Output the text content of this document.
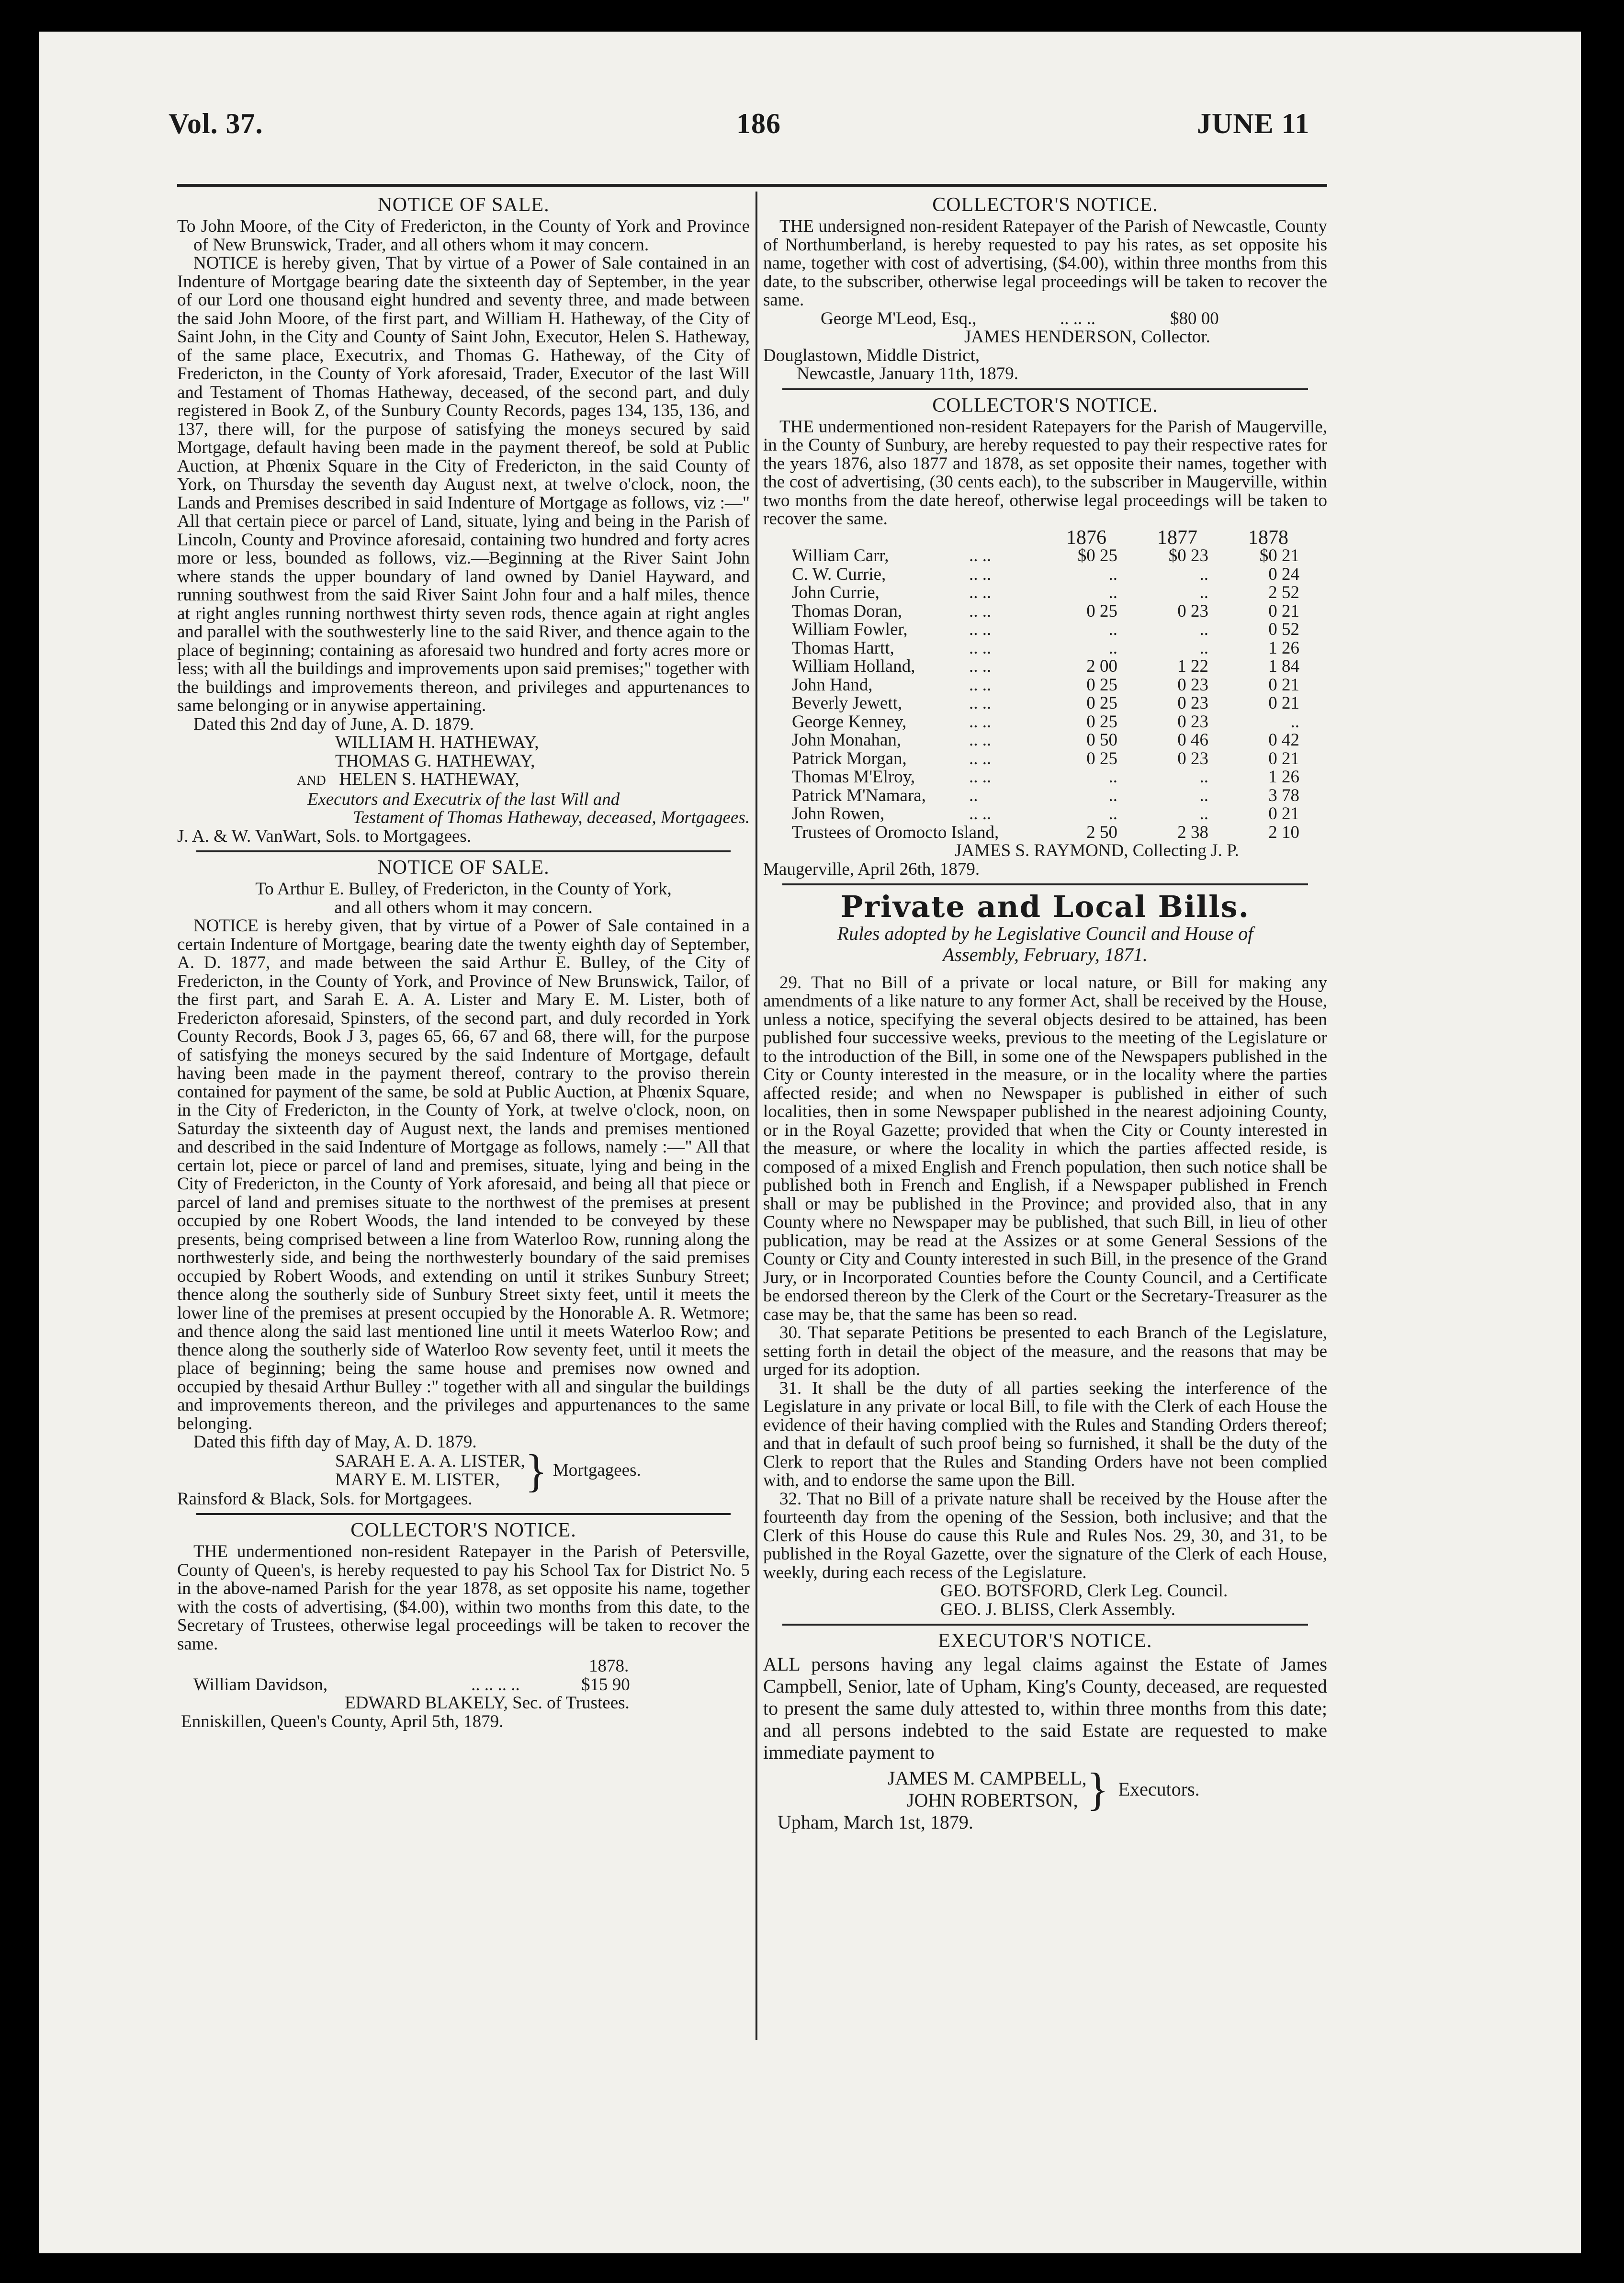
Vol. 37.	186	JUNE 11
NOTICE OF SALE.

To John Moore, of the City of Fredericton, in the County of York and Province of New Brunswick, Trader, and all others whom it may concern.

NOTICE is hereby given, That by virtue of a Power of Sale contained in an Indenture of Mortgage bearing date the sixteenth day of September, in the year of our Lord one thousand eight hundred and seventy three, and made between the said John Moore, of the first part, and William H. Hatheway, of the City of Saint John, in the City and County of Saint John, Executor, Helen S. Hatheway, of the same place, Executrix, and Thomas G. Hatheway, of the City of Fredericton, in the County of York aforesaid, Trader, Executor of the last Will and Testament of Thomas Hatheway, deceased, of the second part, and duly registered in Book Z, of the Sunbury County Records, pages 134, 135, 136, and 137, there will, for the purpose of satisfying the moneys secured by said Mortgage, default having been made in the payment thereof, be sold at Public Auction, at Phœnix Square in the City of Fredericton, in the said County of York, on Thursday the seventh day August next, at twelve o'clock, noon, the Lands and Premises described in said Indenture of Mortgage as follows, viz :—" All that certain piece or parcel of Land, situate, lying and being in the Parish of Lincoln, County and Province aforesaid, containing two hundred and forty acres more or less, bounded as follows, viz.—Beginning at the River Saint John where stands the upper boundary of land owned by Daniel Hayward, and running southwest from the said River Saint John four and a half miles, thence at right angles running northwest thirty seven rods, thence again at right angles and parallel with the southwesterly line to the said River, and thence again to the place of beginning; containing as aforesaid two hundred and forty acres more or less; with all the buildings and improvements upon said premises;" together with the buildings and improvements thereon, and privileges and appurtenances to same belonging or in anywise appertaining.

Dated this 2nd day of June, A. D. 1879.

WILLIAM H. HATHEWAY,
THOMAS G. HATHEWAY,
AND HELEN S. HATHEWAY,
Executors and Executrix of the last Will and
Testament of Thomas Hatheway, deceased, Mortgagees.
J. A. & W. VanWart, Sols. to Mortgagees.
NOTICE OF SALE.
To Arthur E. Bulley, of Fredericton, in the County of York,
and all others whom it may concern.

NOTICE is hereby given, that by virtue of a Power of Sale contained in a certain Indenture of Mortgage, bearing date the twenty eighth day of September, A. D. 1877, and made between the said Arthur E. Bulley, of the City of Fredericton, in the County of York, and Province of New Brunswick, Tailor, of the first part, and Sarah E. A. A. Lister and Mary E. M. Lister, both of Fredericton aforesaid, Spinsters, of the second part, and duly recorded in York County Records, Book J 3, pages 65, 66, 67 and 68, there will, for the purpose of satisfying the moneys secured by the said Indenture of Mortgage, default having been made in the payment thereof, contrary to the proviso therein contained for payment of the same, be sold at Public Auction, at Phœnix Square, in the City of Fredericton, in the County of York, at twelve o'clock, noon, on Saturday the sixteenth day of August next, the lands and premises mentioned and described in the said Indenture of Mortgage as follows, namely :—" All that certain lot, piece or parcel of land and premises, situate, lying and being in the City of Fredericton, in the County of York aforesaid, and being all that piece or parcel of land and premises situate to the northwest of the premises at present occupied by one Robert Woods, the land intended to be conveyed by these presents, being comprised between a line from Waterloo Row, running along the northwesterly side, and being the northwesterly boundary of the said premises occupied by Robert Woods, and extending on until it strikes Sunbury Street; thence along the southerly side of Sunbury Street sixty feet, until it meets the lower line of the premises at present occupied by the Honorable A. R. Wetmore; and thence along the said last mentioned line until it meets Waterloo Row; and thence along the southerly side of Waterloo Row seventy feet, until it meets the place of beginning; being the same house and premises now owned and occupied by thesaid Arthur Bulley :" together with all and singular the buildings and improvements thereon, and the privileges and appurtenances to the same belonging.

Dated this fifth day of May, A. D. 1879.

SARAH E. A. A. LISTER,
MARY E. M. LISTER, } Mortgagees.
Rainsford & Black, Sols. for Mortgagees.
COLLECTOR'S NOTICE.

THE undermentioned non-resident Ratepayer in the Parish of Petersville, County of Queen's, is hereby requested to pay his School Tax for District No. 5 in the above-named Parish for the year 1878, as set opposite his name, together with the costs of advertising, ($4.00), within two months from this date, to the Secretary of Trustees, otherwise legal proceedings will be taken to recover the same.

1878.
William Davidson,	.. .. .. ..	$15 90
EDWARD BLAKELY, Sec. of Trustees.
Enniskillen, Queen's County, April 5th, 1879.
COLLECTOR'S NOTICE.

THE undersigned non-resident Ratepayer of the Parish of Newcastle, County of Northumberland, is hereby requested to pay his rates, as set opposite his name, together with cost of advertising, ($4.00), within three months from this date, to the subscriber, otherwise legal proceedings will be taken to recover the same.

George M'Leod, Esq.,	.. .. ..	$80 00
JAMES HENDERSON, Collector.
Douglastown, Middle District,
Newcastle, January 11th, 1879.
COLLECTOR'S NOTICE.

THE undermentioned non-resident Ratepayers for the Parish of Maugerville, in the County of Sunbury, are hereby requested to pay their respective rates for the years 1876, also 1877 and 1878, as set opposite their names, together with the cost of advertising, (30 cents each), to the subscriber in Maugerville, within two months from the date hereof, otherwise legal proceedings will be taken to recover the same.

		1876	1877	1878
William Carr,	.. ..	$0 25	$0 23	$0 21
C. W. Currie,	.. ..	..	..	0 24
John Currie,	.. ..	..	..	2 52
Thomas Doran,	.. ..	0 25	0 23	0 21
William Fowler,	.. ..	..	..	0 52
Thomas Hartt,	.. ..	..	..	1 26
William Holland,	.. ..	2 00	1 22	1 84
John Hand,	.. ..	0 25	0 23	0 21
Beverly Jewett,	.. ..	0 25	0 23	0 21
George Kenney,	.. ..	0 25	0 23	..
John Monahan,	.. ..	0 50	0 46	0 42
Patrick Morgan,	.. ..	0 25	0 23	0 21
Thomas M'Elroy,	.. ..	..	..	1 26
Patrick M'Namara,	..	..	..	3 78
John Rowen,	.. ..	..	..	0 21
Trustees of Oromocto Island,		2 50	2 38	2 10
JAMES S. RAYMOND, Collecting J. P.
Maugerville, April 26th, 1879.
Private and Local Bills.
Rules adopted by he Legislative Council and House of
Assembly, February, 1871.

29. That no Bill of a private or local nature, or Bill for making any amendments of a like nature to any former Act, shall be received by the House, unless a notice, specifying the several objects desired to be attained, has been published four successive weeks, previous to the meeting of the Legislature or to the introduction of the Bill, in some one of the Newspapers published in the City or County interested in the measure, or in the locality where the parties affected reside; and when no Newspaper is published in either of such localities, then in some Newspaper published in the nearest adjoining County, or in the Royal Gazette; provided that when the City or County interested in the measure, or where the locality in which the parties affected reside, is composed of a mixed English and French population, then such notice shall be published both in French and English, if a Newspaper published in French shall or may be published in the Province; and provided also, that in any County where no Newspaper may be published, that such Bill, in lieu of other publication, may be read at the Assizes or at some General Sessions of the County or City and County interested in such Bill, in the presence of the Grand Jury, or in Incorporated Counties before the County Council, and a Certificate be endorsed thereon by the Clerk of the Court or the Secretary-Treasurer as the case may be, that the same has been so read.

30. That separate Petitions be presented to each Branch of the Legislature, setting forth in detail the object of the measure, and the reasons that may be urged for its adoption.

31. It shall be the duty of all parties seeking the interference of the Legislature in any private or local Bill, to file with the Clerk of each House the evidence of their having complied with the Rules and Standing Orders thereof; and that in default of such proof being so furnished, it shall be the duty of the Clerk to report that the Rules and Standing Orders have not been complied with, and to endorse the same upon the Bill.

32. That no Bill of a private nature shall be received by the House after the fourteenth day from the opening of the Session, both inclusive; and that the Clerk of this House do cause this Rule and Rules Nos. 29, 30, and 31, to be published in the Royal Gazette, over the signature of the Clerk of each House, weekly, during each recess of the Legislature.

GEO. BOTSFORD, Clerk Leg. Council.
GEO. J. BLISS, Clerk Assembly.
EXECUTOR'S NOTICE.

ALL persons having any legal claims against the Estate of James Campbell, Senior, late of Upham, King's County, deceased, are requested to present the same duly attested to, within three months from this date; and all persons indebted to the said Estate are requested to make immediate payment to

JAMES M. CAMPBELL,
JOHN ROBERTSON, } Executors.
Upham, March 1st, 1879.
